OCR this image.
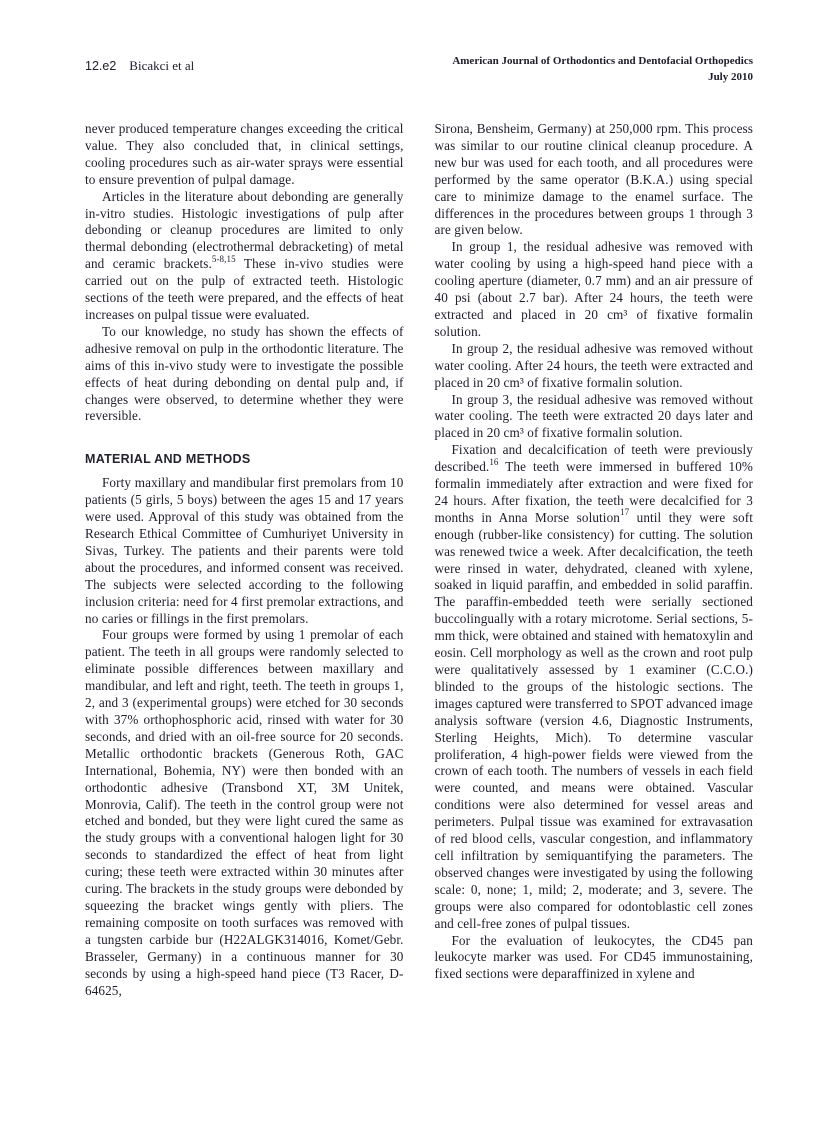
12.e2 Bicakci et al	American Journal of Orthodontics and Dentofacial Orthopedics
July 2010

never produced temperature changes exceeding the critical value. They also concluded that, in clinical settings, cooling procedures such as air-water sprays were essential to ensure prevention of pulpal damage.

Articles in the literature about debonding are generally in-vitro studies. Histologic investigations of pulp after debonding or cleanup procedures are limited to only thermal debonding (electrothermal debracketing) of metal and ceramic brackets.$^{5-8,15}$ These in-vivo studies were carried out on the pulp of extracted teeth. Histologic sections of the teeth were prepared, and the effects of heat increases on pulpal tissue were evaluated.

To our knowledge, no study has shown the effects of adhesive removal on pulp in the orthodontic literature. The aims of this in-vivo study were to investigate the possible effects of heat during debonding on dental pulp and, if changes were observed, to determine whether they were reversible.

MATERIAL AND METHODS

Forty maxillary and mandibular first premolars from 10 patients (5 girls, 5 boys) between the ages 15 and 17 years were used. Approval of this study was obtained from the Research Ethical Committee of Cumhuriyet University in Sivas, Turkey. The patients and their parents were told about the procedures, and informed consent was received. The subjects were selected according to the following inclusion criteria: need for 4 first premolar extractions, and no caries or fillings in the first premolars.

Four groups were formed by using 1 premolar of each patient. The teeth in all groups were randomly selected to eliminate possible differences between maxillary and mandibular, and left and right, teeth. The teeth in groups 1, 2, and 3 (experimental groups) were etched for 30 seconds with 37% orthophosphoric acid, rinsed with water for 30 seconds, and dried with an oil-free source for 20 seconds. Metallic orthodontic brackets (Generous Roth, GAC International, Bohemia, NY) were then bonded with an orthodontic adhesive (Transbond XT, 3M Unitek, Monrovia, Calif). The teeth in the control group were not etched and bonded, but they were light cured the same as the study groups with a conventional halogen light for 30 seconds to standardized the effect of heat from light curing; these teeth were extracted within 30 minutes after curing. The brackets in the study groups were debonded by squeezing the bracket wings gently with pliers. The remaining composite on tooth surfaces was removed with a tungsten carbide bur (H22ALGK314016, Komet/Gebr. Brasseler, Germany) in a continuous manner for 30 seconds by using a high-speed hand piece (T3 Racer, D-64625,

Sirona, Bensheim, Germany) at 250,000 rpm. This process was similar to our routine clinical cleanup procedure. A new bur was used for each tooth, and all procedures were performed by the same operator (B.K.A.) using special care to minimize damage to the enamel surface. The differences in the procedures between groups 1 through 3 are given below.

In group 1, the residual adhesive was removed with water cooling by using a high-speed hand piece with a cooling aperture (diameter, 0.7 mm) and an air pressure of 40 psi (about 2.7 bar). After 24 hours, the teeth were extracted and placed in 20 cm³ of fixative formalin solution.

In group 2, the residual adhesive was removed without water cooling. After 24 hours, the teeth were extracted and placed in 20 cm³ of fixative formalin solution.

In group 3, the residual adhesive was removed without water cooling. The teeth were extracted 20 days later and placed in 20 cm³ of fixative formalin solution.

Fixation and decalcification of teeth were previously described.$^{16}$ The teeth were immersed in buffered 10% formalin immediately after extraction and were fixed for 24 hours. After fixation, the teeth were decalcified for 3 months in Anna Morse solution$^{17}$ until they were soft enough (rubber-like consistency) for cutting. The solution was renewed twice a week. After decalcification, the teeth were rinsed in water, dehydrated, cleaned with xylene, soaked in liquid paraffin, and embedded in solid paraffin. The paraffin-embedded teeth were serially sectioned buccolingually with a rotary microtome. Serial sections, 5-mm thick, were obtained and stained with hematoxylin and eosin. Cell morphology as well as the crown and root pulp were qualitatively assessed by 1 examiner (C.C.O.) blinded to the groups of the histologic sections. The images captured were transferred to SPOT advanced image analysis software (version 4.6, Diagnostic Instruments, Sterling Heights, Mich). To determine vascular proliferation, 4 high-power fields were viewed from the crown of each tooth. The numbers of vessels in each field were counted, and means were obtained. Vascular conditions were also determined for vessel areas and perimeters. Pulpal tissue was examined for extravasation of red blood cells, vascular congestion, and inflammatory cell infiltration by semiquantifying the parameters. The observed changes were investigated by using the following scale: 0, none; 1, mild; 2, moderate; and 3, severe. The groups were also compared for odontoblastic cell zones and cell-free zones of pulpal tissues.

For the evaluation of leukocytes, the CD45 pan leukocyte marker was used. For CD45 immunostaining, fixed sections were deparaffinized in xylene and
